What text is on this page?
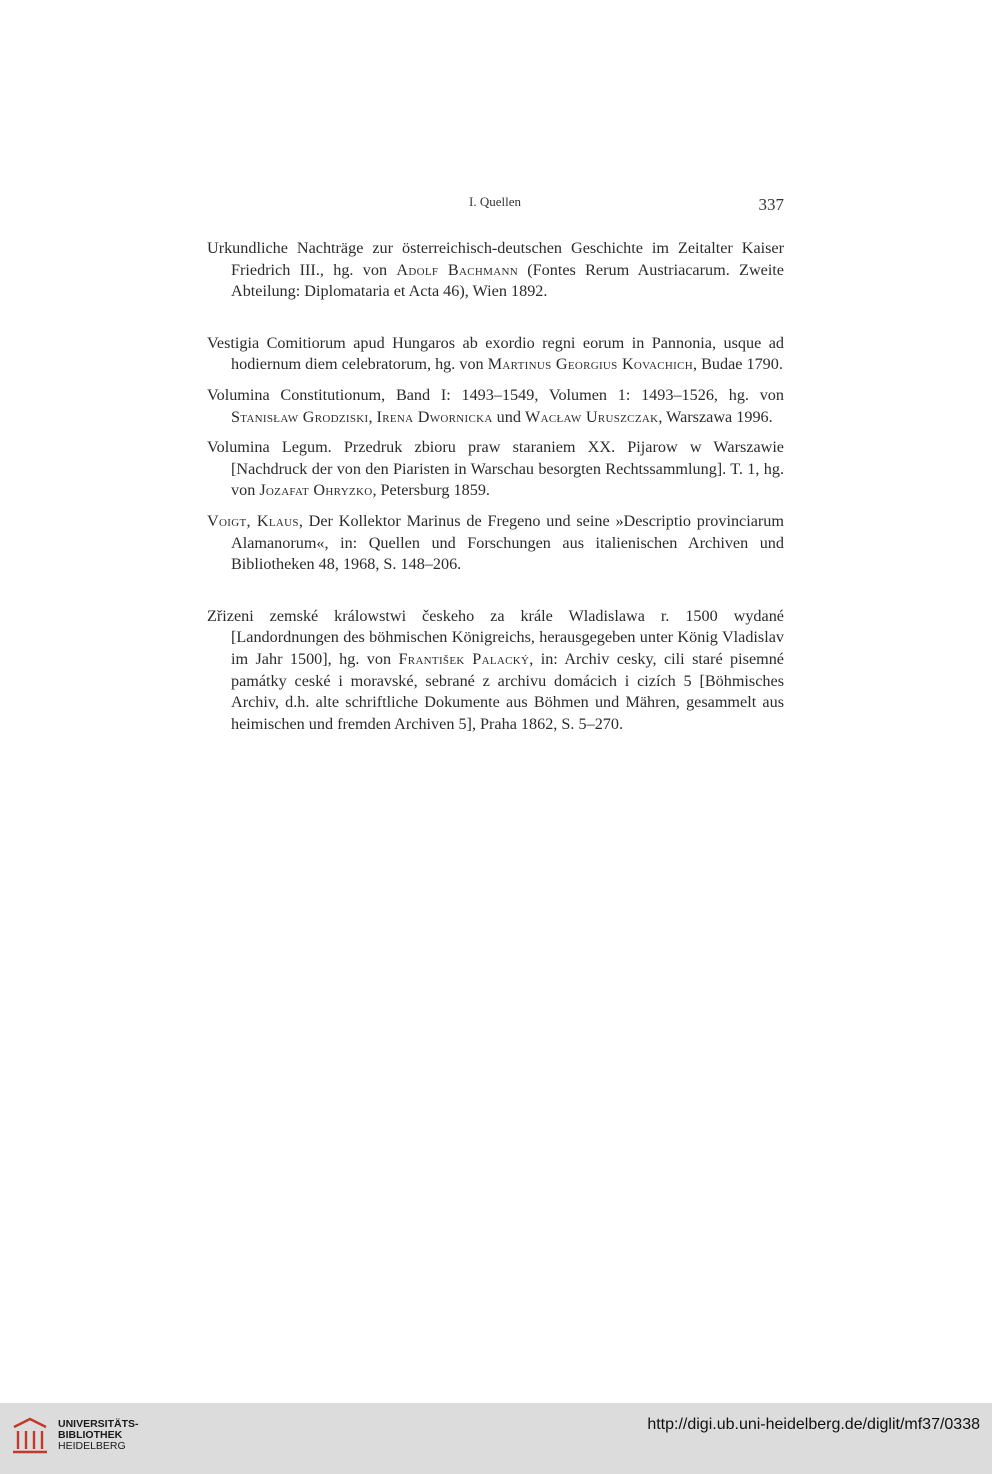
I. Quellen	337

Urkundliche Nachträge zur österreichisch-deutschen Geschichte im Zeitalter Kaiser Friedrich III., hg. von Adolf Bachmann (Fontes Rerum Austriacarum. Zweite Abteilung: Diplomataria et Acta 46), Wien 1892.

Vestigia Comitiorum apud Hungaros ab exordio regni eorum in Pannonia, usque ad hodiernum diem celebratorum, hg. von Martinus Georgius Kovachich, Budae 1790.

Volumina Constitutionum, Band I: 1493–1549, Volumen 1: 1493–1526, hg. von Stanisław Grodziski, Irena Dwornicka und Wacław Uruszczak, Warszawa 1996.

Volumina Legum. Przedruk zbioru praw staraniem XX. Pijarow w Warszawie [Nachdruck der von den Piaristen in Warschau besorgten Rechtssammlung]. T. 1, hg. von Jozafat Ohryzko, Petersburg 1859.

Voigt, Klaus, Der Kollektor Marinus de Fregeno und seine »Descriptio provinciarum Alamanorum«, in: Quellen und Forschungen aus italienischen Archiven und Bibliotheken 48, 1968, S. 148–206.

Zřizeni zemské králowstwi českeho za krále Wladislawa r. 1500 wydané [Landordnungen des böhmischen Königreichs, herausgegeben unter König Vladislav im Jahr 1500], hg. von František Palacký, in: Archiv cesky, cili staré pisemné památky ceské i moravské, sebrané z archivu domácich i cizích 5 [Böhmisches Archiv, d.h. alte schriftliche Dokumente aus Böhmen und Mähren, gesammelt aus heimischen und fremden Archiven 5], Praha 1862, S. 5–270.

UNIVERSITÄTS-
BIBLIOTHEK
HEIDELBERG
http://digi.ub.uni-heidelberg.de/diglit/mf37/0338
